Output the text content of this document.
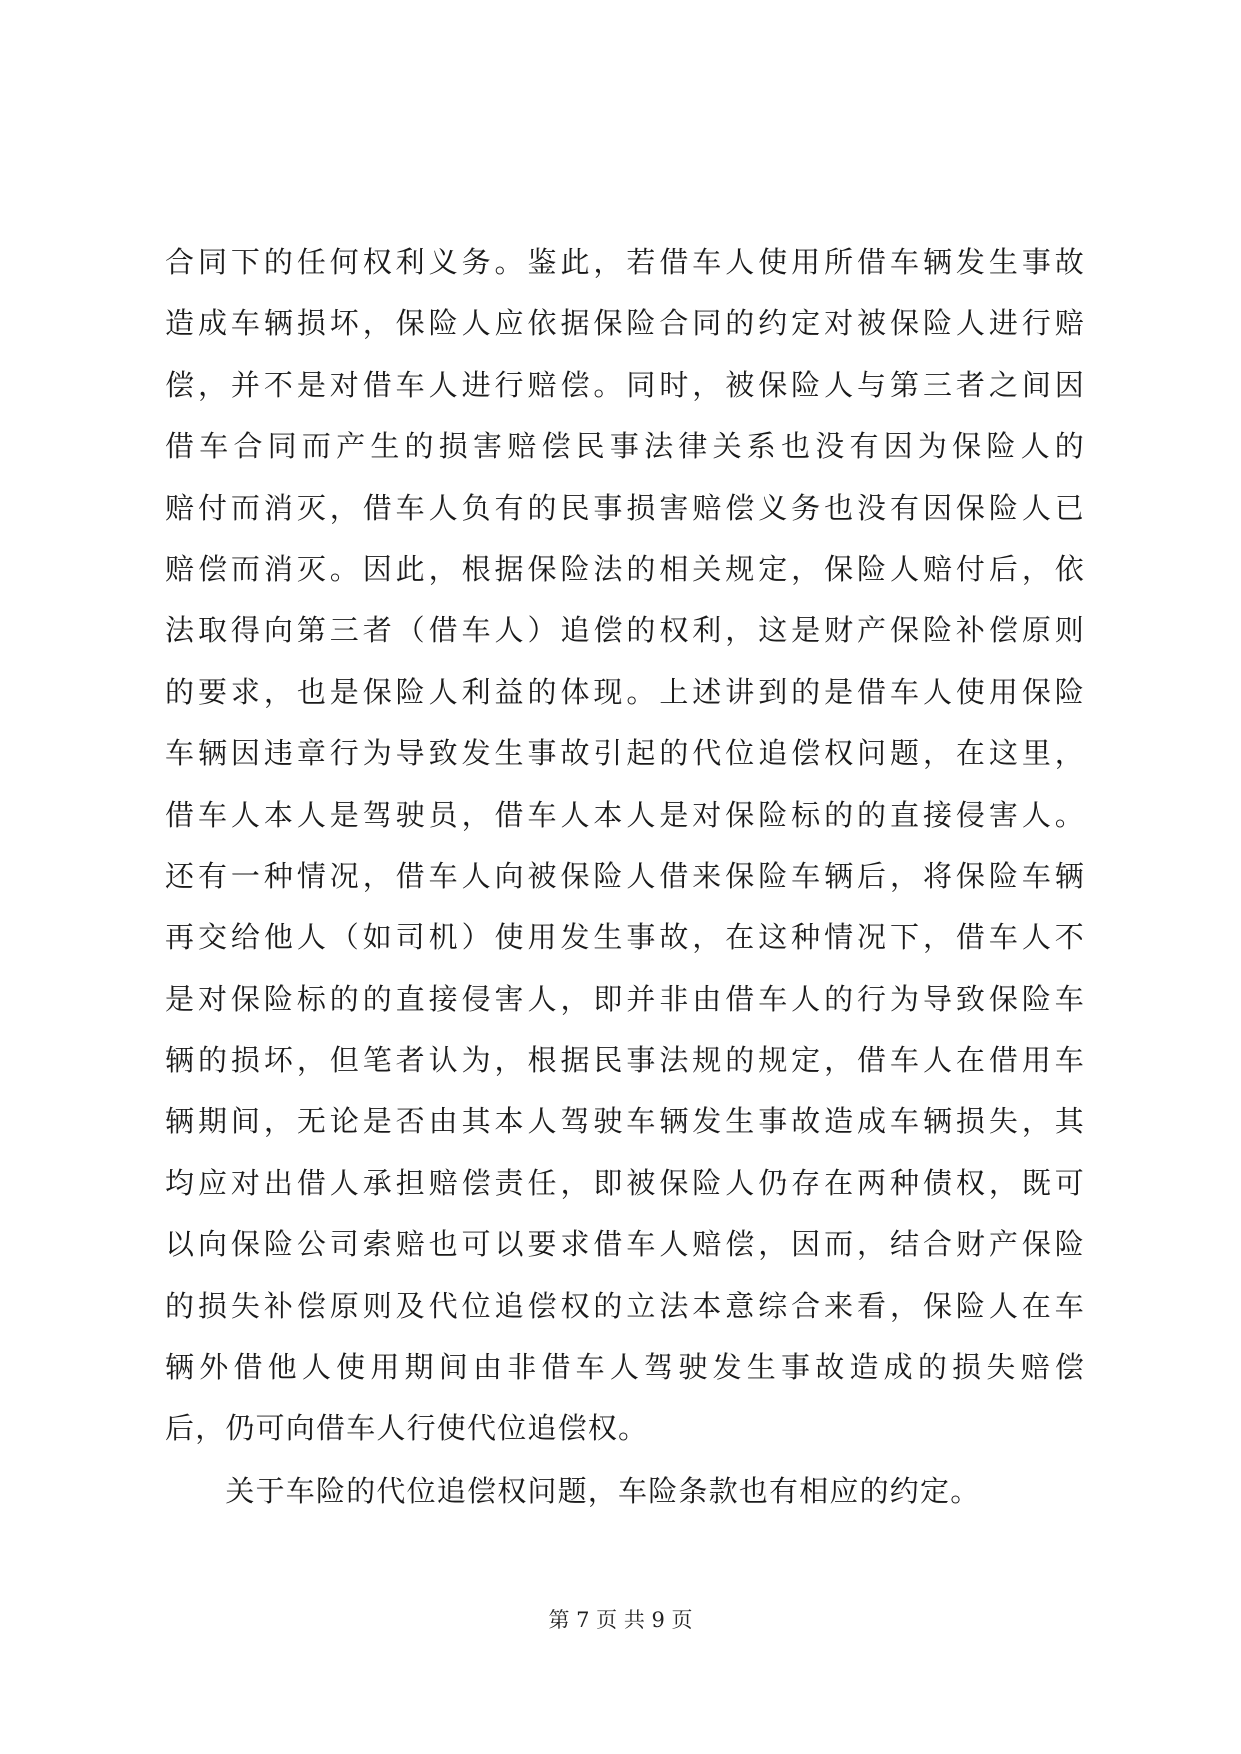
合同下的任何权利义务。鉴此，若借车人使用所借车辆发生事故
造成车辆损坏，保险人应依据保险合同的约定对被保险人进行赔
偿，并不是对借车人进行赔偿。同时，被保险人与第三者之间因
借车合同而产生的损害赔偿民事法律关系也没有因为保险人的
赔付而消灭，借车人负有的民事损害赔偿义务也没有因保险人已
赔偿而消灭。因此，根据保险法的相关规定，保险人赔付后，依
法取得向第三者（借车人）追偿的权利，这是财产保险补偿原则
的要求，也是保险人利益的体现。上述讲到的是借车人使用保险
车辆因违章行为导致发生事故引起的代位追偿权问题，在这里，
借车人本人是驾驶员，借车人本人是对保险标的的直接侵害人。
还有一种情况，借车人向被保险人借来保险车辆后，将保险车辆
再交给他人（如司机）使用发生事故，在这种情况下，借车人不
是对保险标的的直接侵害人，即并非由借车人的行为导致保险车
辆的损坏，但笔者认为，根据民事法规的规定，借车人在借用车
辆期间，无论是否由其本人驾驶车辆发生事故造成车辆损失，其
均应对出借人承担赔偿责任，即被保险人仍存在两种债权，既可
以向保险公司索赔也可以要求借车人赔偿，因而，结合财产保险
的损失补偿原则及代位追偿权的立法本意综合来看，保险人在车
辆外借他人使用期间由非借车人驾驶发生事故造成的损失赔偿
后，仍可向借车人行使代位追偿权。
　　关于车险的代位追偿权问题，车险条款也有相应的约定。
第 7 页 共 9 页
